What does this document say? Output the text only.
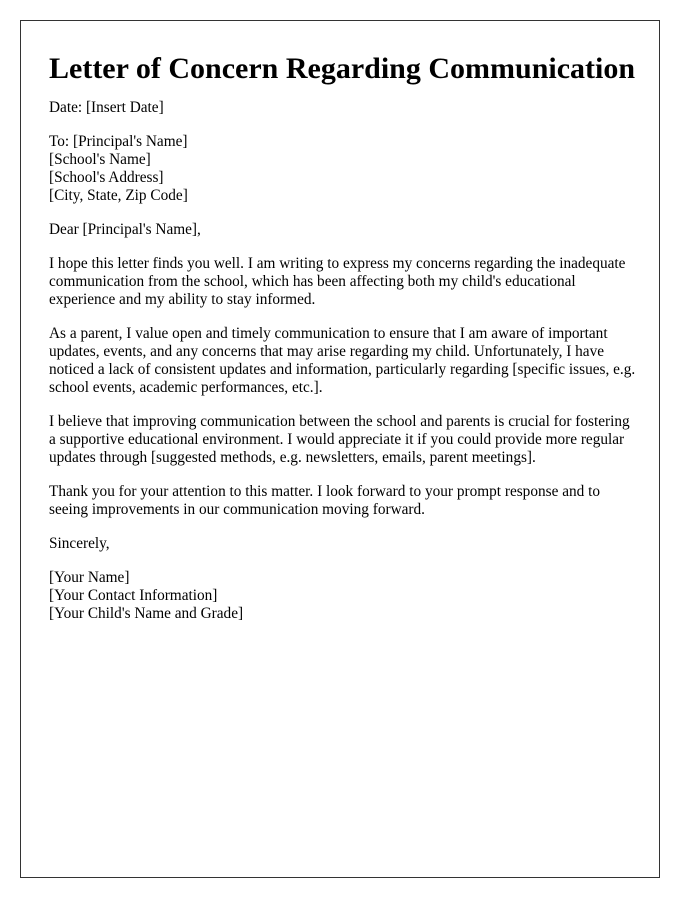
Letter of Concern Regarding Communication
Date: [Insert Date]
To: [Principal's Name]
[School's Name]
[School's Address]
[City, State, Zip Code]
Dear [Principal's Name],

I hope this letter finds you well. I am writing to express my concerns regarding the inadequate communication from the school, which has been affecting both my child's educational experience and my ability to stay informed.

As a parent, I value open and timely communication to ensure that I am aware of important updates, events, and any concerns that may arise regarding my child. Unfortunately, I have noticed a lack of consistent updates and information, particularly regarding [specific issues, e.g. school events, academic performances, etc.].

I believe that improving communication between the school and parents is crucial for fostering a supportive educational environment. I would appreciate it if you could provide more regular updates through [suggested methods, e.g. newsletters, emails, parent meetings].

Thank you for your attention to this matter. I look forward to your prompt response and to seeing improvements in our communication moving forward.

Sincerely,
[Your Name]
[Your Contact Information]
[Your Child's Name and Grade]
